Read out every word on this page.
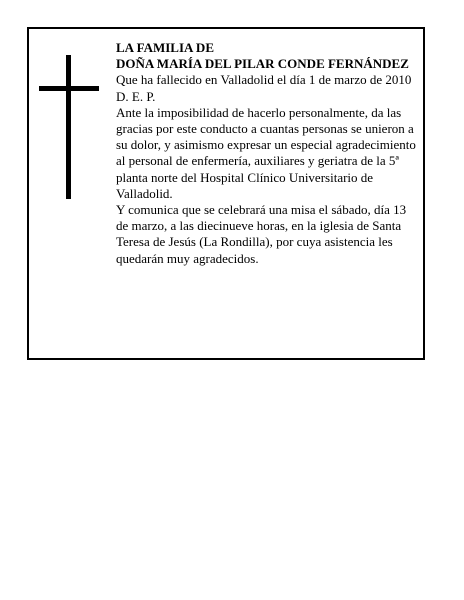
LA FAMILIA DE

DOÑA MARÍA DEL PILAR CONDE FERNÁNDEZ

Que ha fallecido en Valladolid el día 1 de marzo de 2010

D. E. P.

Ante la imposibilidad de hacerlo personalmente, da las gracias por este conducto a cuantas personas se unieron a su dolor, y asimismo expresar un especial agradecimiento al personal de enfermería, auxiliares y geriatra de la 5ª planta norte del Hospital Clínico Universitario de Valladolid.

Y comunica que se celebrará una misa el sábado, día 13 de marzo, a las diecinueve horas, en la iglesia de Santa Teresa de Jesús (La Rondilla), por cuya asistencia les quedarán muy agradecidos.
